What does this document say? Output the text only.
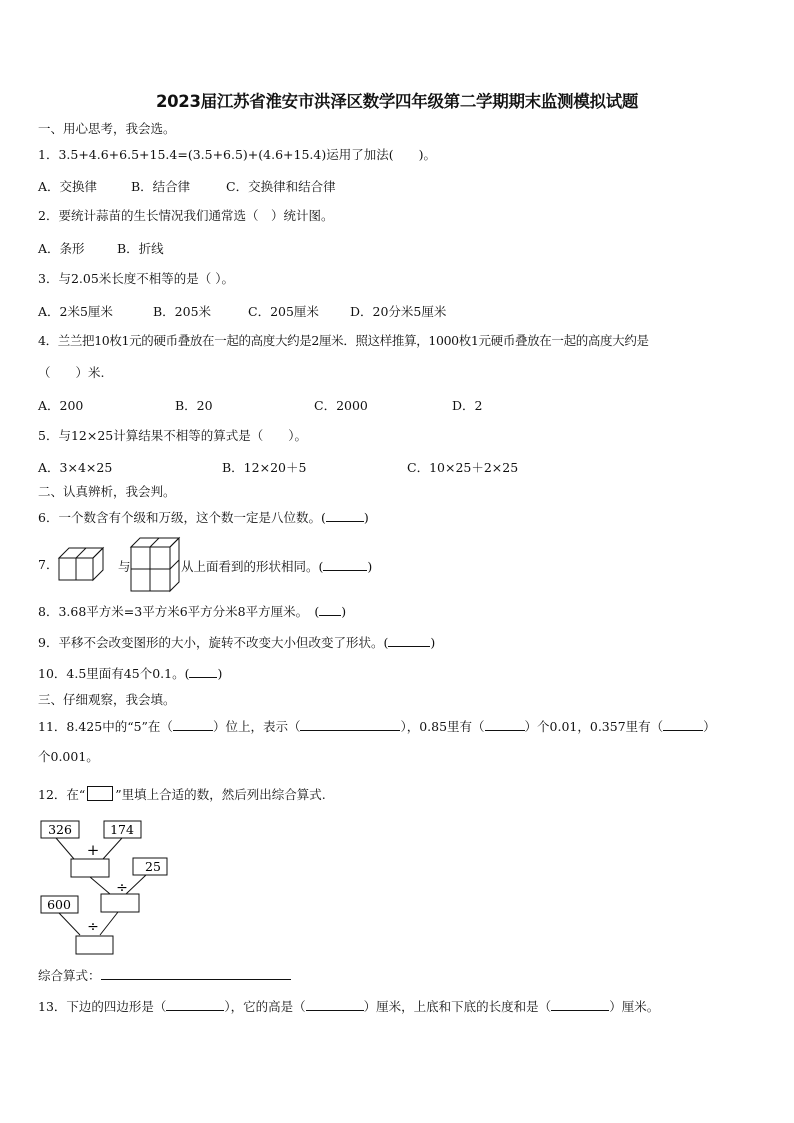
2023届江苏省淮安市洪泽区数学四年级第二学期期末监测模拟试题
一、用心思考，我会选。
1．3.5+4.6+6.5+15.4=(3.5+6.5)+(4.6+15.4)运用了加法(　　)。
A．交换律	B．结合律	C．交换律和结合律
2．要统计蒜苗的生长情况我们通常选（　）统计图。
A．条形	B．折线
3．与2.05米长度不相等的是（ ）。
A．2米5厘米	B．205米	C．205厘米 D．20分米5厘米
4．兰兰把10枚1元的硬币叠放在一起的高度大约是2厘米．照这样推算，1000枚1元硬币叠放在一起的高度大约是
（　　）米.
A．200	B．20	C．2000	D．2
5．与12×25计算结果不相等的算式是（　　）。
A．3×4×25	B．12×20＋5	C．10×25＋2×25
二、认真辨析，我会判。
6．一个数含有个级和万级，这个数一定是八位数。(	)
7．	与	从上面看到的形状相同。(	)
8．3.68平方米=3平方米6平方分米8平方厘米。　( )
9．平移不会改变图形的大小，旋转不改变大小但改变了形状。(	)
10．4.5里面有45个0.1。( )
三、仔细观察，我会填。
11．8.425中的“5”在（	）位上，表示（	），0.85里有（	）个0.01，0.357里有（	）
个0.001。
12．在“ ”里填上合适的数，然后列出综合算式.
326	174
+
25
÷
600
÷
综合算式：
13．下边的四边形是（	），它的高是（	）厘米，上底和下底的长度和是（	）厘米。
